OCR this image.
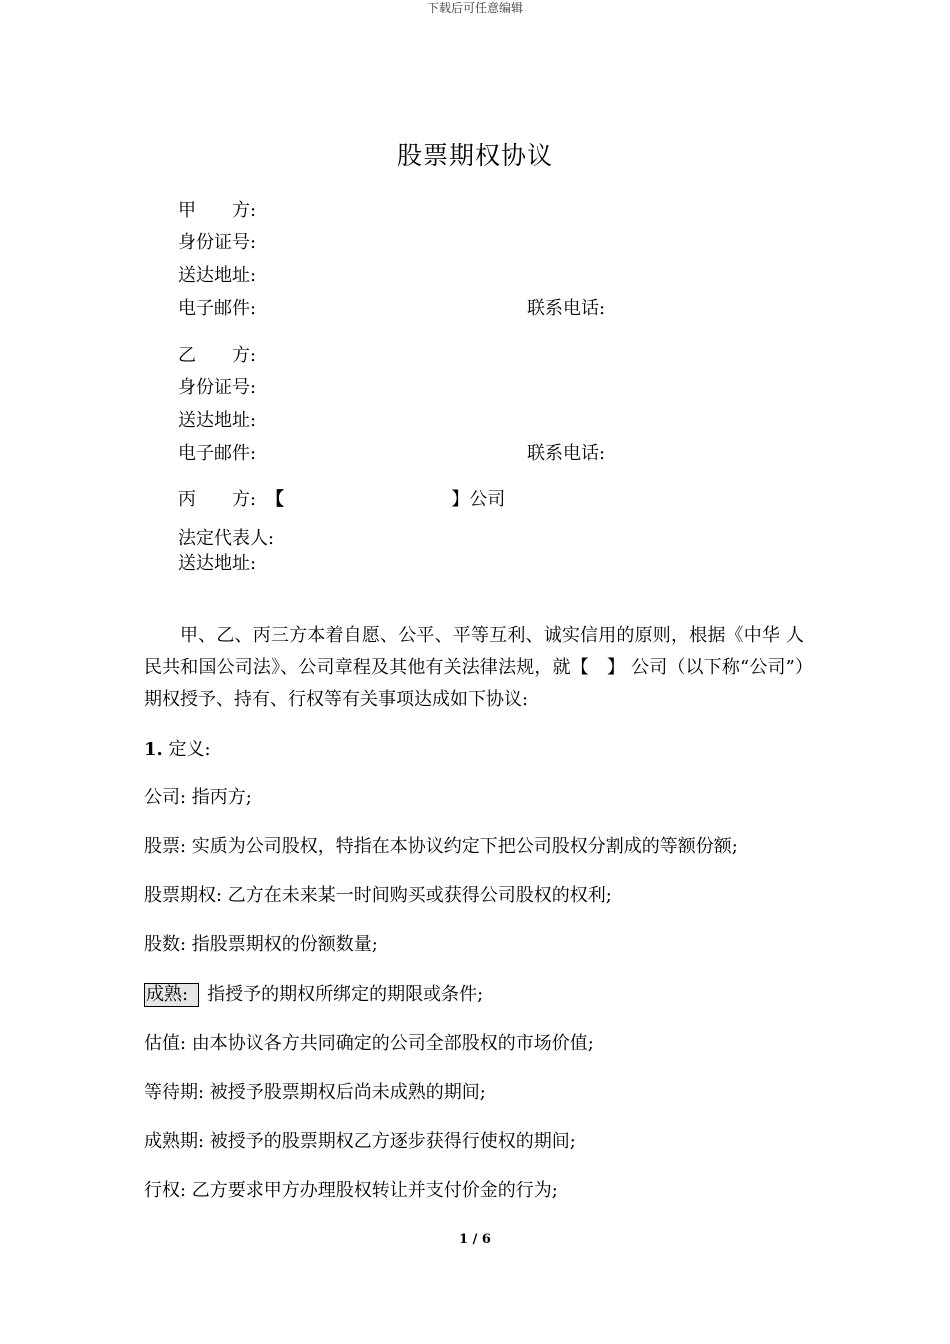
下载后可任意编辑
股票期权协议
甲　　方:
身份证号:
送达地址:
电子邮件:	联系电话:
乙　　方:
身份证号:
送达地址:
电子邮件:	联系电话:
丙　　方: 【	】公司
法定代表人:
送达地址:
甲、乙、丙三方本着自愿、公平、平等互利、诚实信用的原则，根据《中华 人民共和国公司法》、公司章程及其他有关法律法规，就【　】 公司（以下称“公司”）期权授予、持有、行权等有关事项达成如下协议:
1. 定义:
公司: 指丙方;
股票: 实质为公司股权，特指在本协议约定下把公司股权分割成的等额份额;
股票期权: 乙方在未来某一时间购买或获得公司股权的权利;
股数: 指股票期权的份额数量;
成熟: 指授予的期权所绑定的期限或条件;
估值: 由本协议各方共同确定的公司全部股权的市场价值;
等待期: 被授予股票期权后尚未成熟的期间;
成熟期: 被授予的股票期权乙方逐步获得行使权的期间;
行权: 乙方要求甲方办理股权转让并支付价金的行为;
1 / 6
